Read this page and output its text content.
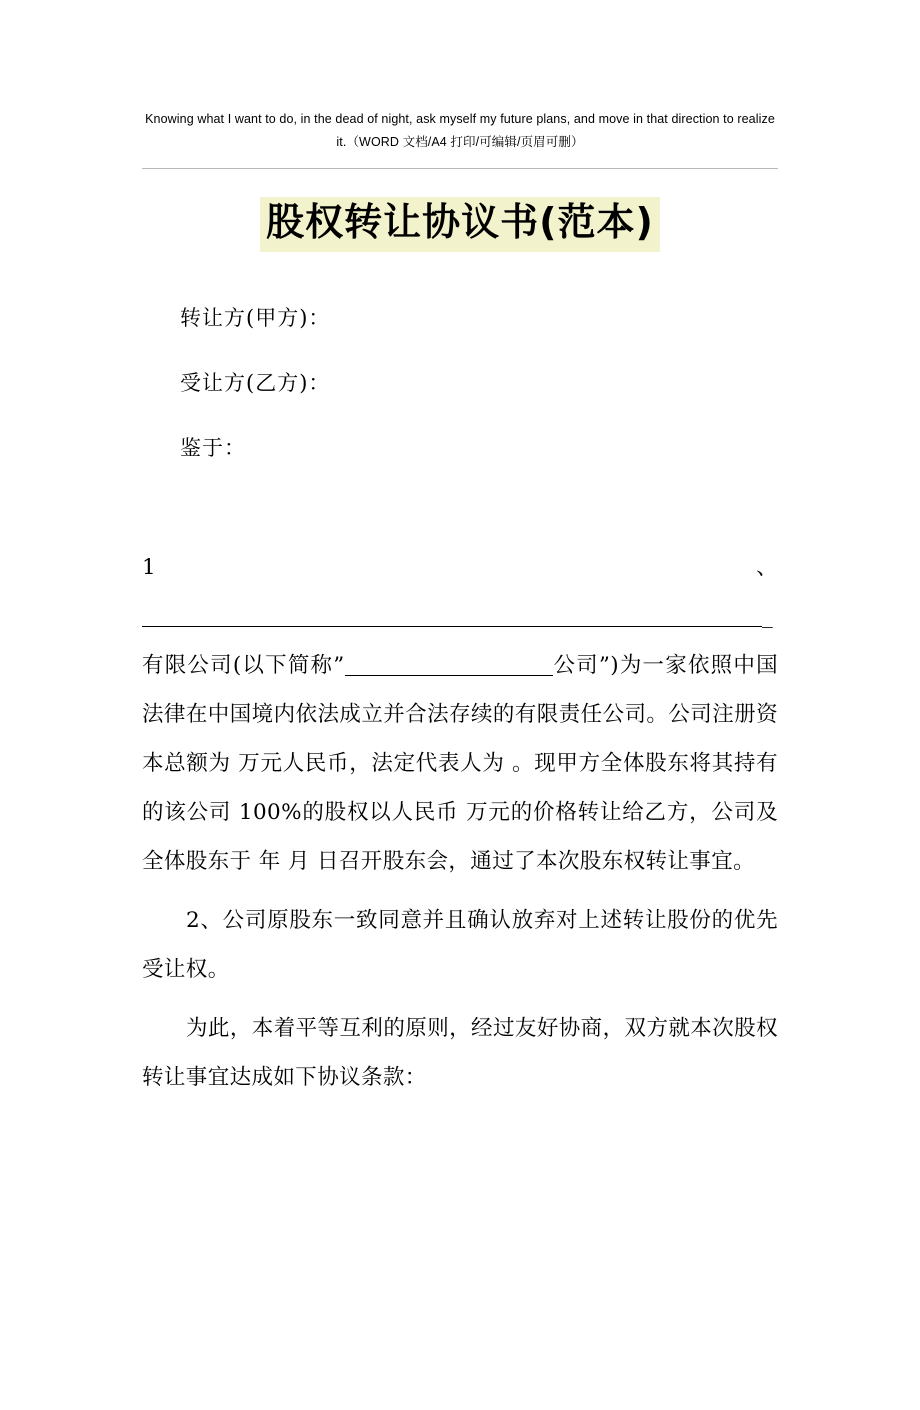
Knowing what I want to do, in the dead of night, ask myself my future plans, and move in that direction to realize it.（WORD 文档/A4 打印/可编辑/页眉可删）
股权转让协议书(范本)
转让方(甲方)：
受让方(乙方)：
鉴于：

1、_有限公司(以下简称”	公司”)为一家依照中国法律在中国境内依法成立并合法存续的有限责任公司。公司注册资本总额为 万元人民币，法定代表人为 。现甲方全体股东将其持有的该公司 100%的股权以人民币 万元的价格转让给乙方，公司及全体股东于 年 月 日召开股东会，通过了本次股东权转让事宜。

2、公司原股东一致同意并且确认放弃对上述转让股份的优先受让权。

为此，本着平等互利的原则，经过友好协商，双方就本次股权转让事宜达成如下协议条款：
